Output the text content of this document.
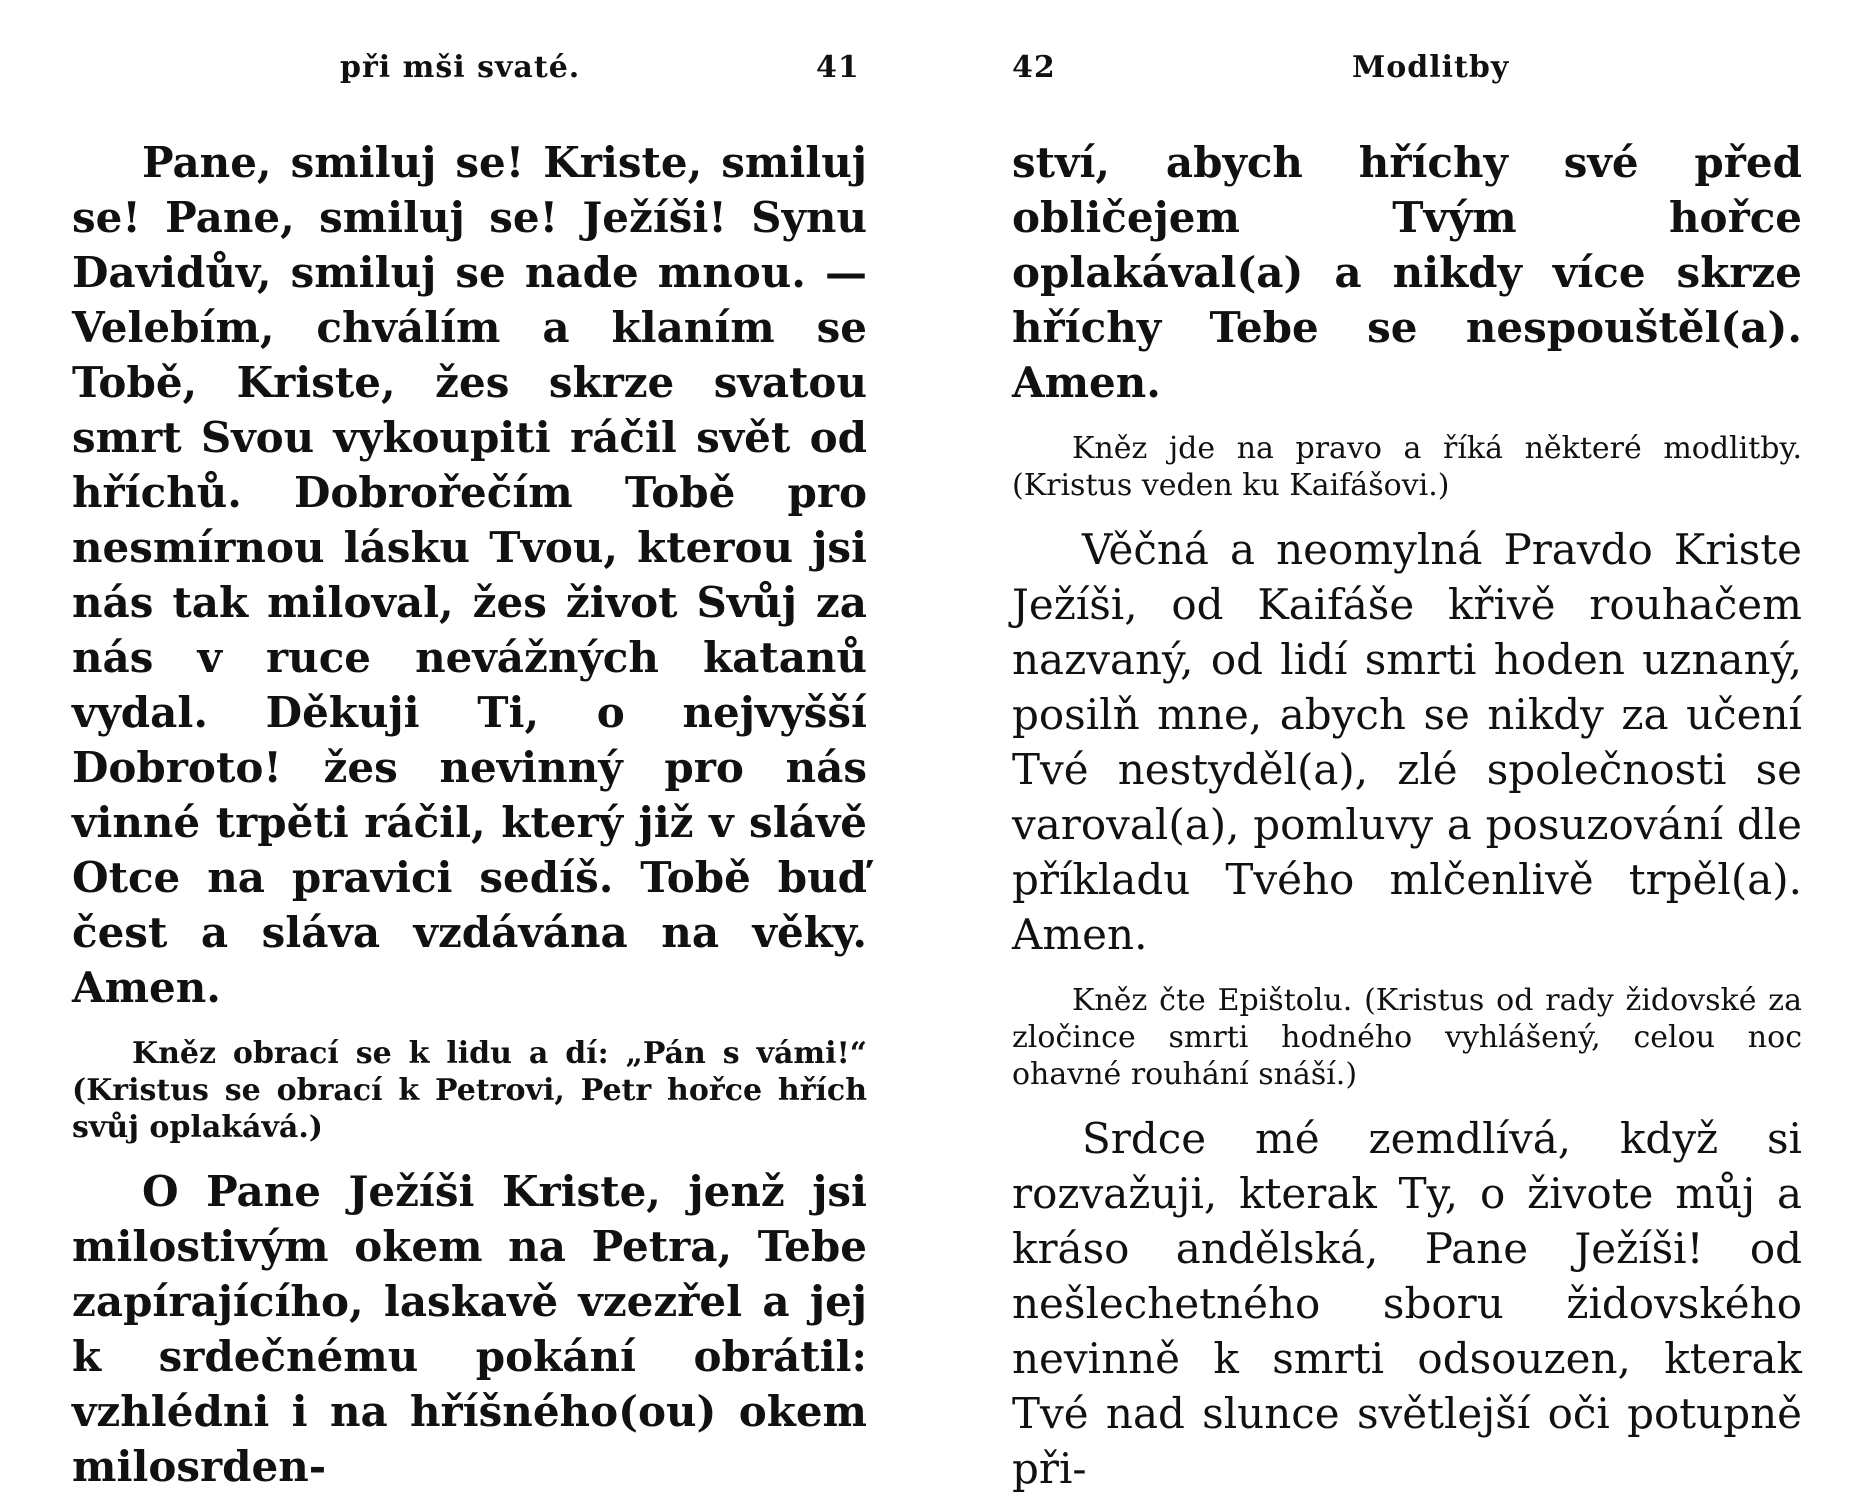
při mši svaté.	41

Pane, smiluj se! Kriste, smiluj se! Pane, smiluj se! Ježíši! Synu Davidův, smiluj se nade mnou. — Velebím, chválím a klaním se Tobě, Kriste, žes skrze svatou smrt Svou vykoupiti ráčil svět od hříchů. Dobrořečím Tobě pro nesmírnou lásku Tvou, kterou jsi nás tak miloval, žes život Svůj za nás v ruce nevážných katanů vydal. Děkuji Ti, o nejvyšší Dobroto! žes nevinný pro nás vinné trpěti ráčil, který již v slávě Otce na pravici sedíš. Tobě buď čest a sláva vzdávána na věky. Amen.

Kněz obrací se k lidu a dí: „Pán s vámi!“ (Kristus se obrací k Petrovi, Petr hořce hřích svůj oplakává.)

O Pane Ježíši Kriste, jenž jsi milostivým okem na Petra, Tebe zapírajícího, laskavě vzezřel a jej k srdečnému pokání obrátil: vzhlédni i na hříšného(ou) okem milosrden-

42	Modlitby

ství, abych hříchy své před obličejem Tvým hořce oplakával(a) a nikdy více skrze hříchy Tebe se nespouštěl(a). Amen.

Kněz jde na pravo a říká některé modlitby. (Kristus veden ku Kaifášovi.)

Věčná a neomylná Pravdo Kriste Ježíši, od Kaifáše křivě rouhačem nazvaný, od lidí smrti hoden uznaný, posilň mne, abych se nikdy za učení Tvé nestyděl(a), zlé společnosti se varoval(a), pomluvy a posuzování dle příkladu Tvého mlčenlivě trpěl(a). Amen.

Kněz čte Epištolu. (Kristus od rady židovské za zločince smrti hodného vyhlášený, celou noc ohavné rouhání snáší.)

Srdce mé zemdlívá, když si rozvažuji, kterak Ty, o živote můj a kráso andělská, Pane Ježíši! od nešlechetného sboru židovského nevinně k smrti odsouzen, kterak Tvé nad slunce světlejší oči potupně při-
